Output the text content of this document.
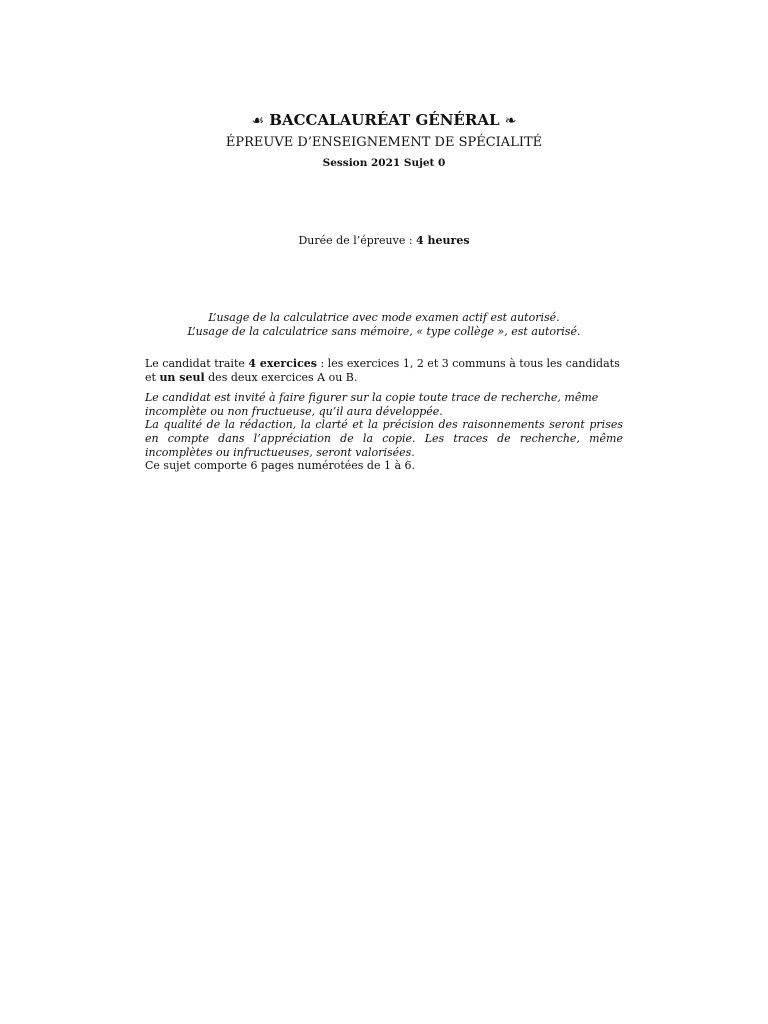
☙ BACCALAURÉAT GÉNÉRAL ❧
ÉPREUVE D’ENSEIGNEMENT DE SPÉCIALITÉ
Session 2021 Sujet 0
Durée de l’épreuve : 4 heures
L’usage de la calculatrice avec mode examen actif est autorisé.
L’usage de la calculatrice sans mémoire, « type collège », est autorisé.
Le candidat traite 4 exercices : les exercices 1, 2 et 3 communs à tous les candidats et un seul des deux exercices A ou B.
Le candidat est invité à faire figurer sur la copie toute trace de recherche, même incomplète ou non fructueuse, qu’il aura développée.
La qualité de la rédaction, la clarté et la précision des raisonnements seront prises en compte dans l’appréciation de la copie. Les traces de recherche, même incomplètes ou infructueuses, seront valorisées.
Ce sujet comporte 6 pages numérotées de 1 à 6.
